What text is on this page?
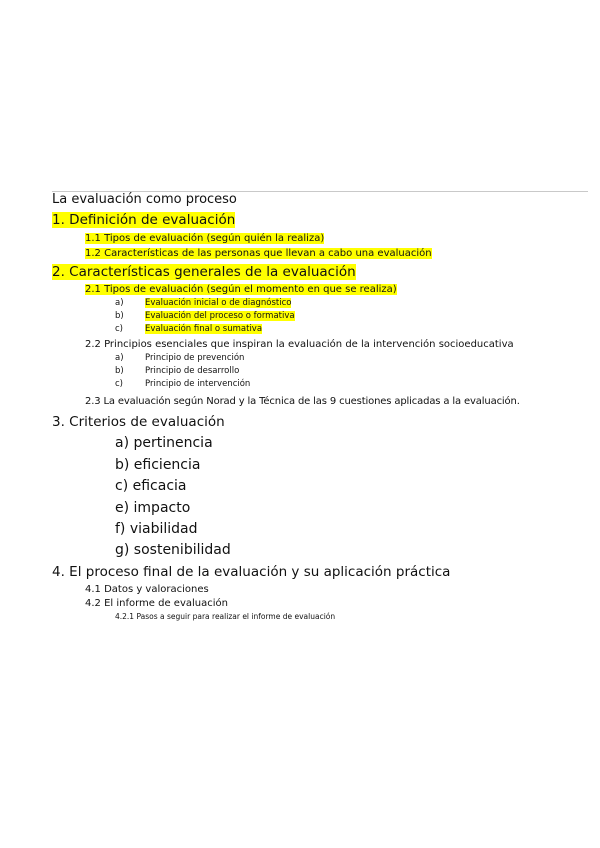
La evaluación como proceso
1. Definición de evaluación
1.1 Tipos de evaluación (según quién la realiza)
1.2 Características de las personas que llevan a cabo una evaluación
2. Características generales de la evaluación
2.1 Tipos de evaluación (según el momento en que se realiza)
a)	Evaluación inicial o de diagnóstico
b)	Evaluación del proceso o formativa
c)	Evaluación final o sumativa
2.2 Principios esenciales que inspiran la evaluación de la intervención socioeducativa
a)	Principio de prevención
b)	Principio de desarrollo
c)	Principio de intervención
2.3 La evaluación según Norad y la Técnica de las 9 cuestiones aplicadas a la evaluación.
3. Criterios de evaluación
a) pertinencia
b) eficiencia
c) eficacia
e) impacto
f) viabilidad
g) sostenibilidad
4. El proceso final de la evaluación y su aplicación práctica
4.1 Datos y valoraciones
4.2 El informe de evaluación
4.2.1 Pasos a seguir para realizar el informe de evaluación
